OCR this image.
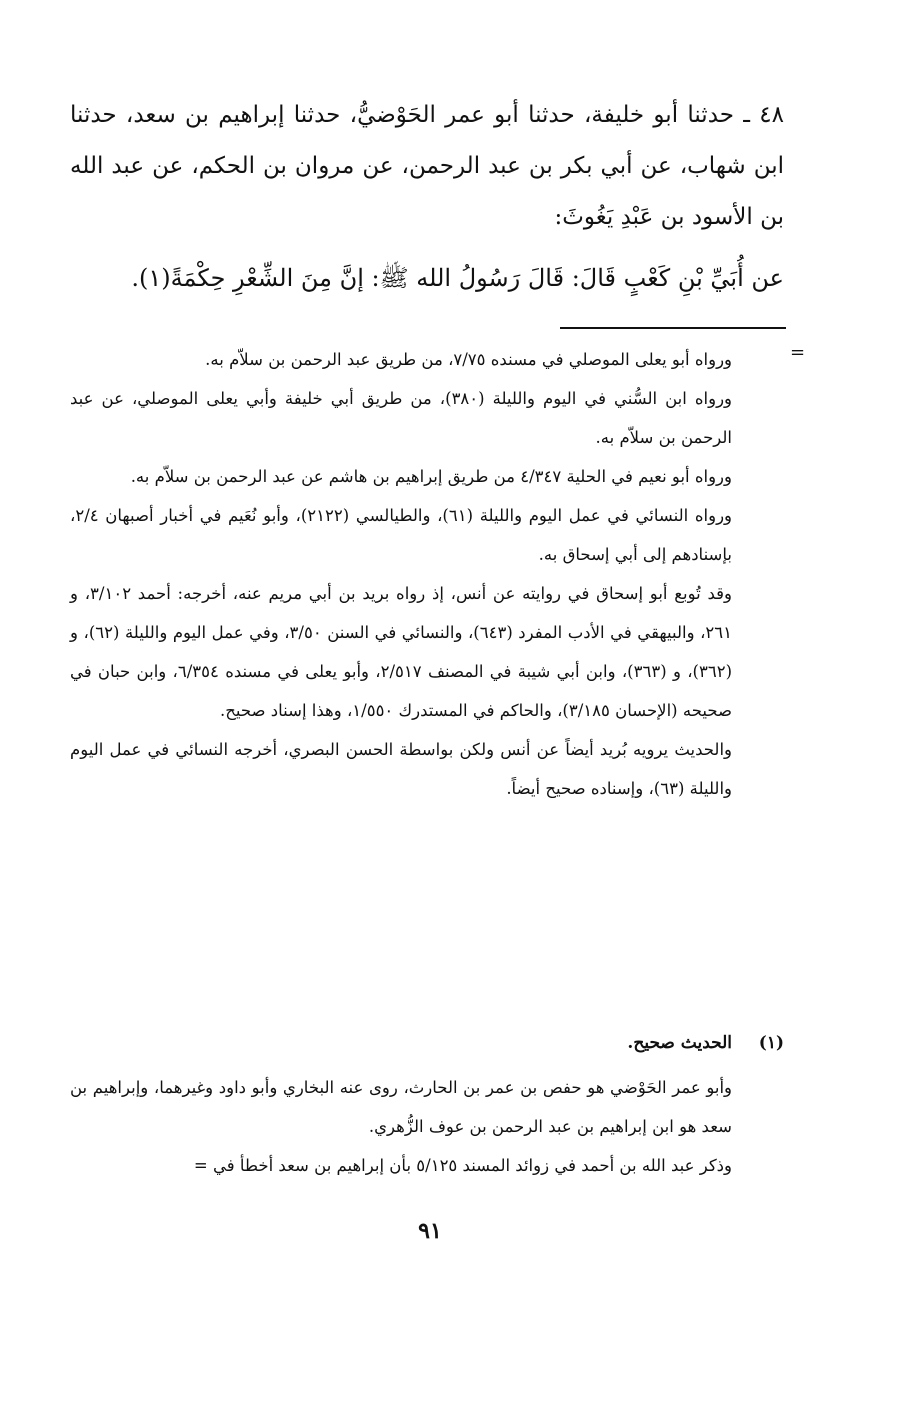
٤٨ ـ حدثنا أبو خليفة، حدثنا أبو عمر الحَوْضيُّ، حدثنا إبراهيم بن سعد، حدثنا ابن شهاب، عن أبي بكر بن عبد الرحمن، عن مروان بن الحكم، عن عبد الله بن الأسود بن عَبْدِ يَغُوثَ:

عن أُبَيِّ بْنِ كَعْبٍ قَالَ: قَالَ رَسُولُ الله ﷺ: إنَّ مِنَ الشِّعْرِ حِكْمَةً(١).
=

ورواه أبو يعلى الموصلي في مسنده ٧/٧٥، من طريق عبد الرحمن بن سلاّم به.

ورواه ابن السُّني في اليوم والليلة (٣٨٠)، من طريق أبي خليفة وأبي يعلى الموصلي، عن عبد الرحمن بن سلاّم به.

ورواه أبو نعيم في الحلية ٤/٣٤٧ من طريق إبراهيم بن هاشم عن عبد الرحمن بن سلاّم به.

ورواه النسائي في عمل اليوم والليلة (٦١)، والطيالسي (٢١٢٢)، وأبو نُعَيم في أخبار أصبهان ٢/٤، بإسنادهم إلى أبي إسحاق به.

وقد تُوبع أبو إسحاق في روايته عن أنس، إذ رواه بريد بن أبي مريم عنه، أخرجه: أحمد ٣/١٠٢، و ٢٦١، والبيهقي في الأدب المفرد (٦٤٣)، والنسائي في السنن ٣/٥٠، وفي عمل اليوم والليلة (٦٢)، و (٣٦٢)، و (٣٦٣)، وابن أبي شيبة في المصنف ٢/٥١٧، وأبو يعلى في مسنده ٦/٣٥٤، وابن حبان في صحيحه (الإحسان ٣/١٨٥)، والحاكم في المستدرك ١/٥٥٠، وهذا إسناد صحيح.

والحديث يرويه بُريد أيضاً عن أنس ولكن بواسطة الحسن البصري، أخرجه النسائي في عمل اليوم والليلة (٦٣)، وإسناده صحيح أيضاً.

(١)
الحديث صحيح.

وأبو عمر الحَوْضي هو حفص بن عمر بن الحارث، روى عنه البخاري وأبو داود وغيرهما، وإبراهيم بن سعد هو ابن إبراهيم بن عبد الرحمن بن عوف الزُّهري.

وذكر عبد الله بن أحمد في زوائد المسند ٥/١٢٥ بأن إبراهيم بن سعد أخطأ في =

٩١
